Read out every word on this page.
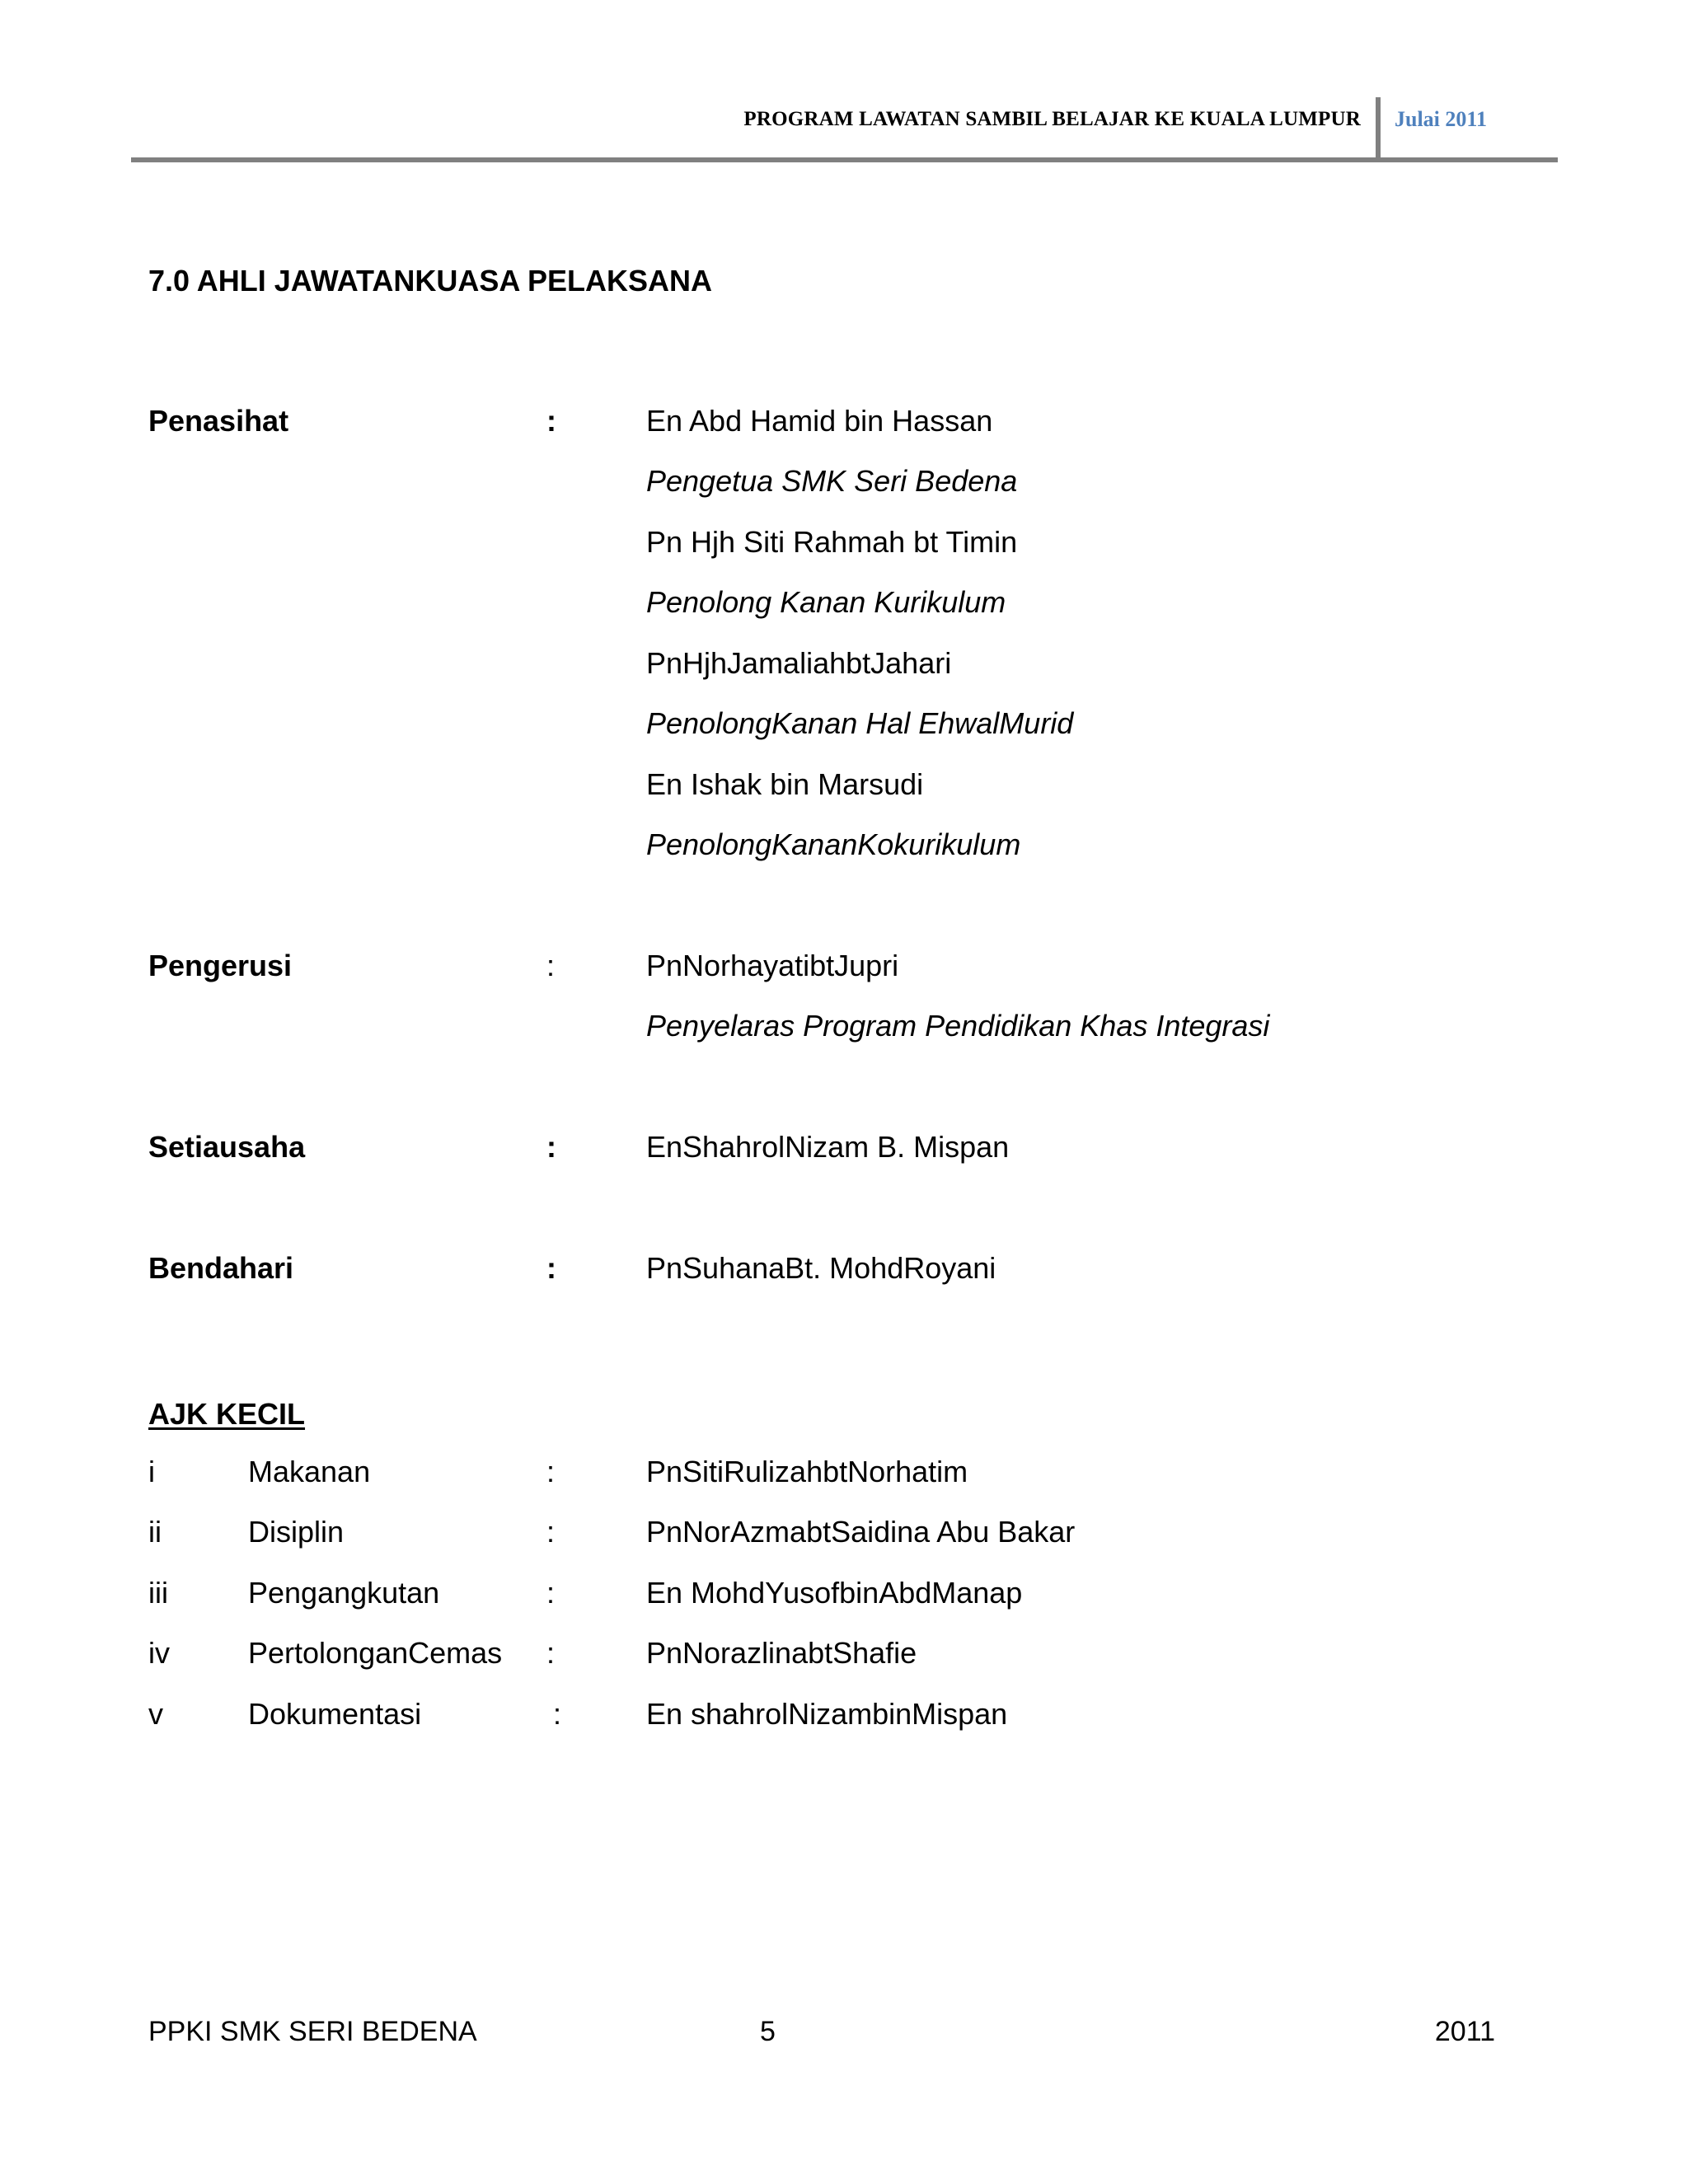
PROGRAM LAWATAN SAMBIL BELAJAR KE KUALA LUMPUR Julai 2011
7.0 AHLI JAWATANKUASA PELAKSANA
Penasihat	:	En Abd Hamid bin Hassan
Pengetua SMK Seri Bedena
Pn Hjh Siti Rahmah bt Timin
Penolong Kanan Kurikulum
PnHjhJamaliahbtJahari
PenolongKanan Hal EhwalMurid
En Ishak bin Marsudi
PenolongKananKokurikulum
Pengerusi	:	PnNorhayatibtJupri
Penyelaras Program Pendidikan Khas Integrasi
Setiausaha	:	EnShahrolNizam B. Mispan
Bendahari	:	PnSuhanaBt. MohdRoyani
AJK KECIL
i	Makanan	:	PnSitiRulizahbtNorhatim
ii	Disiplin	:	PnNorAzmabtSaidina Abu Bakar
iii	Pengangkutan	:	En MohdYusofbinAbdManap
iv	PertolonganCemas :	PnNorazlinabtShafie
v	Dokumentasi	:	En shahrolNizambinMispan
PPKI SMK SERI BEDENA	5	2011
